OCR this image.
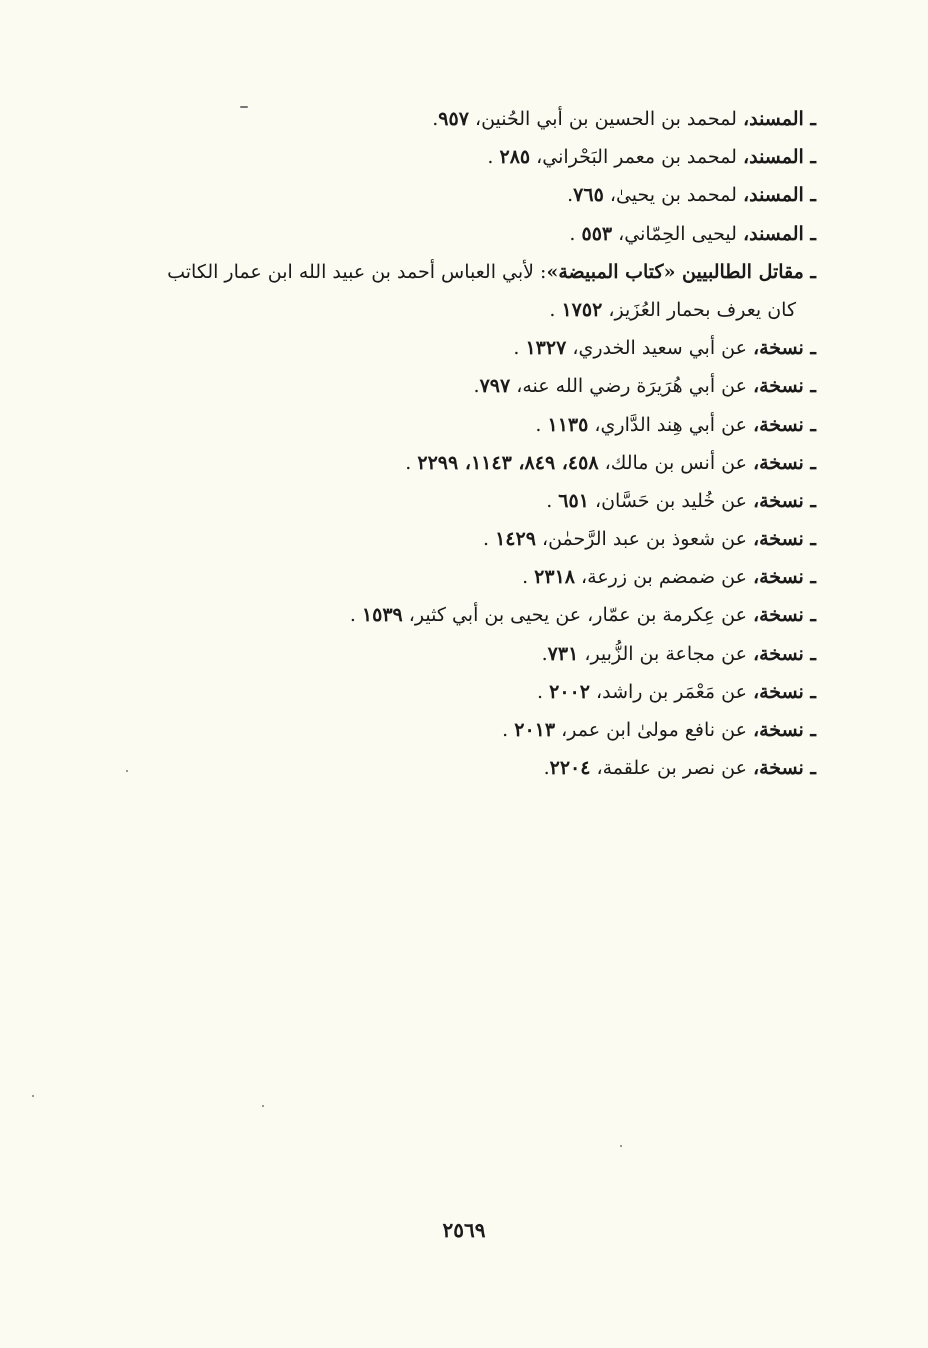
ـ المسند، لمحمد بن الحسين بن أبي الحُنين، ٩٥٧.
ـ المسند، لمحمد بن معمر البَحْراني، ٢٨٥ .
ـ المسند، لمحمد بن يحيىٰ، ٧٦٥.
ـ المسند، ليحيى الحِمّاني، ٥٥٣ .
ـ مقاتل الطالبيين «كتاب المبيضة»: لأبي العباس أحمد بن عبيد الله ابن عمار الكاتب
كان يعرف بحمار العُزَيز، ١٧٥٢ .
ـ نسخة، عن أبي سعيد الخدري، ١٣٢٧ .
ـ نسخة، عن أبي هُرَيرَة رضي الله عنه، ٧٩٧.
ـ نسخة، عن أبي هِند الدَّاري، ١١٣٥ .
ـ نسخة، عن أنس بن مالك، ٤٥٨، ٨٤٩، ١١٤٣، ٢٢٩٩ .
ـ نسخة، عن خُليد بن حَسَّان، ٦٥١ .
ـ نسخة، عن شعوذ بن عبد الرَّحمٰن، ١٤٢٩ .
ـ نسخة، عن ضمضم بن زرعة، ٢٣١٨ .
ـ نسخة، عن عِكرمة بن عمّار، عن يحيى بن أبي كثير، ١٥٣٩ .
ـ نسخة، عن مجاعة بن الزُّبير، ٧٣١.
ـ نسخة، عن مَعْمَر بن راشد، ٢٠٠٢ .
ـ نسخة، عن نافع مولىٰ ابن عمر، ٢٠١٣ .
ـ نسخة، عن نصر بن علقمة، ٢٢٠٤.
٢٥٦٩
